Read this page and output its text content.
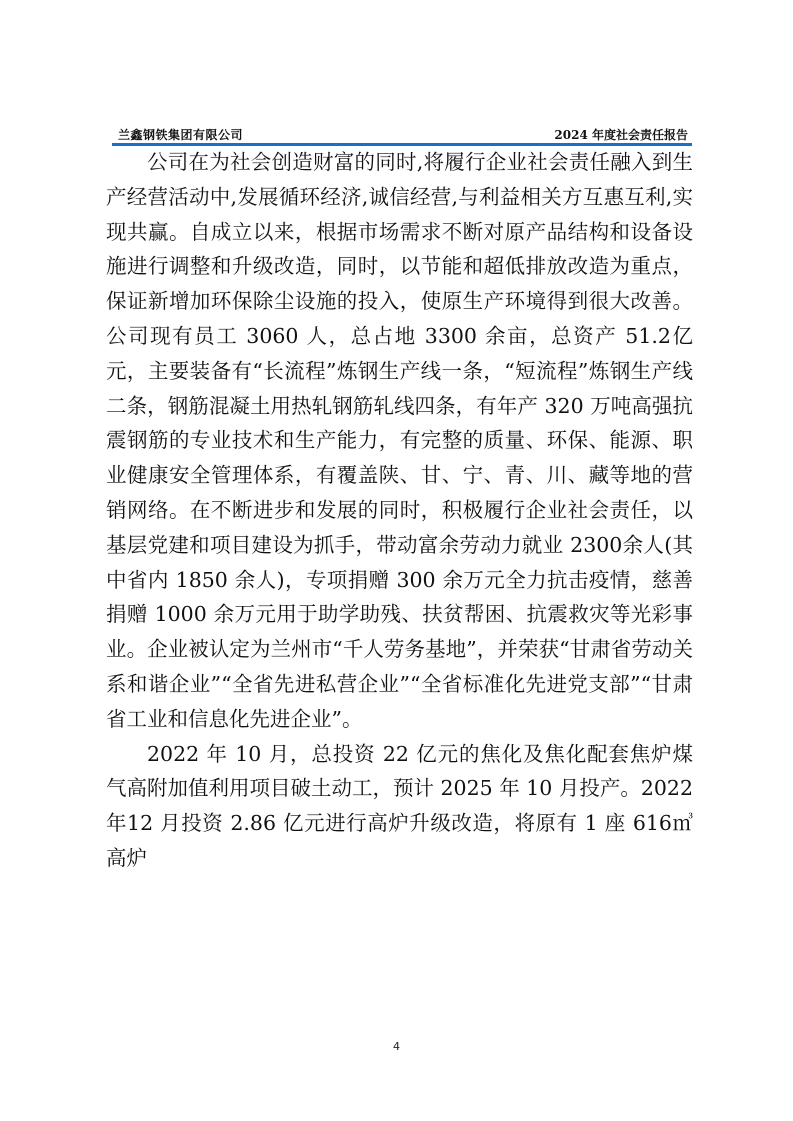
兰鑫钢铁集团有限公司	2024 年度社会责任报告

公司在为社会创造财富的同时,将履行企业社会责任融入到生产经营活动中,发展循环经济,诚信经营,与利益相关方互惠互利,实现共赢。自成立以来，根据市场需求不断对原产品结构和设备设施进行调整和升级改造，同时，以节能和超低排放改造为重点，保证新增加环保除尘设施的投入，使原生产环境得到很大改善。公司现有员工 3060 人，总占地 3300 余亩，总资产 51.2亿元，主要装备有“长流程”炼钢生产线一条，“短流程”炼钢生产线二条，钢筋混凝土用热轧钢筋轧线四条，有年产 320 万吨高强抗震钢筋的专业技术和生产能力，有完整的质量、环保、能源、职业健康安全管理体系，有覆盖陕、甘、宁、青、川、藏等地的营销网络。在不断进步和发展的同时，积极履行企业社会责任，以基层党建和项目建设为抓手，带动富余劳动力就业 2300余人(其中省内 1850 余人)，专项捐赠 300 余万元全力抗击疫情，慈善捐赠 1000 余万元用于助学助残、扶贫帮困、抗震救灾等光彩事业。企业被认定为兰州市“千人劳务基地”，并荣获“甘肃省劳动关系和谐企业”“全省先进私营企业”“全省标准化先进党支部”“甘肃省工业和信息化先进企业”。

2022 年 10 月，总投资 22 亿元的焦化及焦化配套焦炉煤气高附加值利用项目破土动工，预计 2025 年 10 月投产。2022 年12 月投资 2.86 亿元进行高炉升级改造，将原有 1 座 616㎥高炉

4
